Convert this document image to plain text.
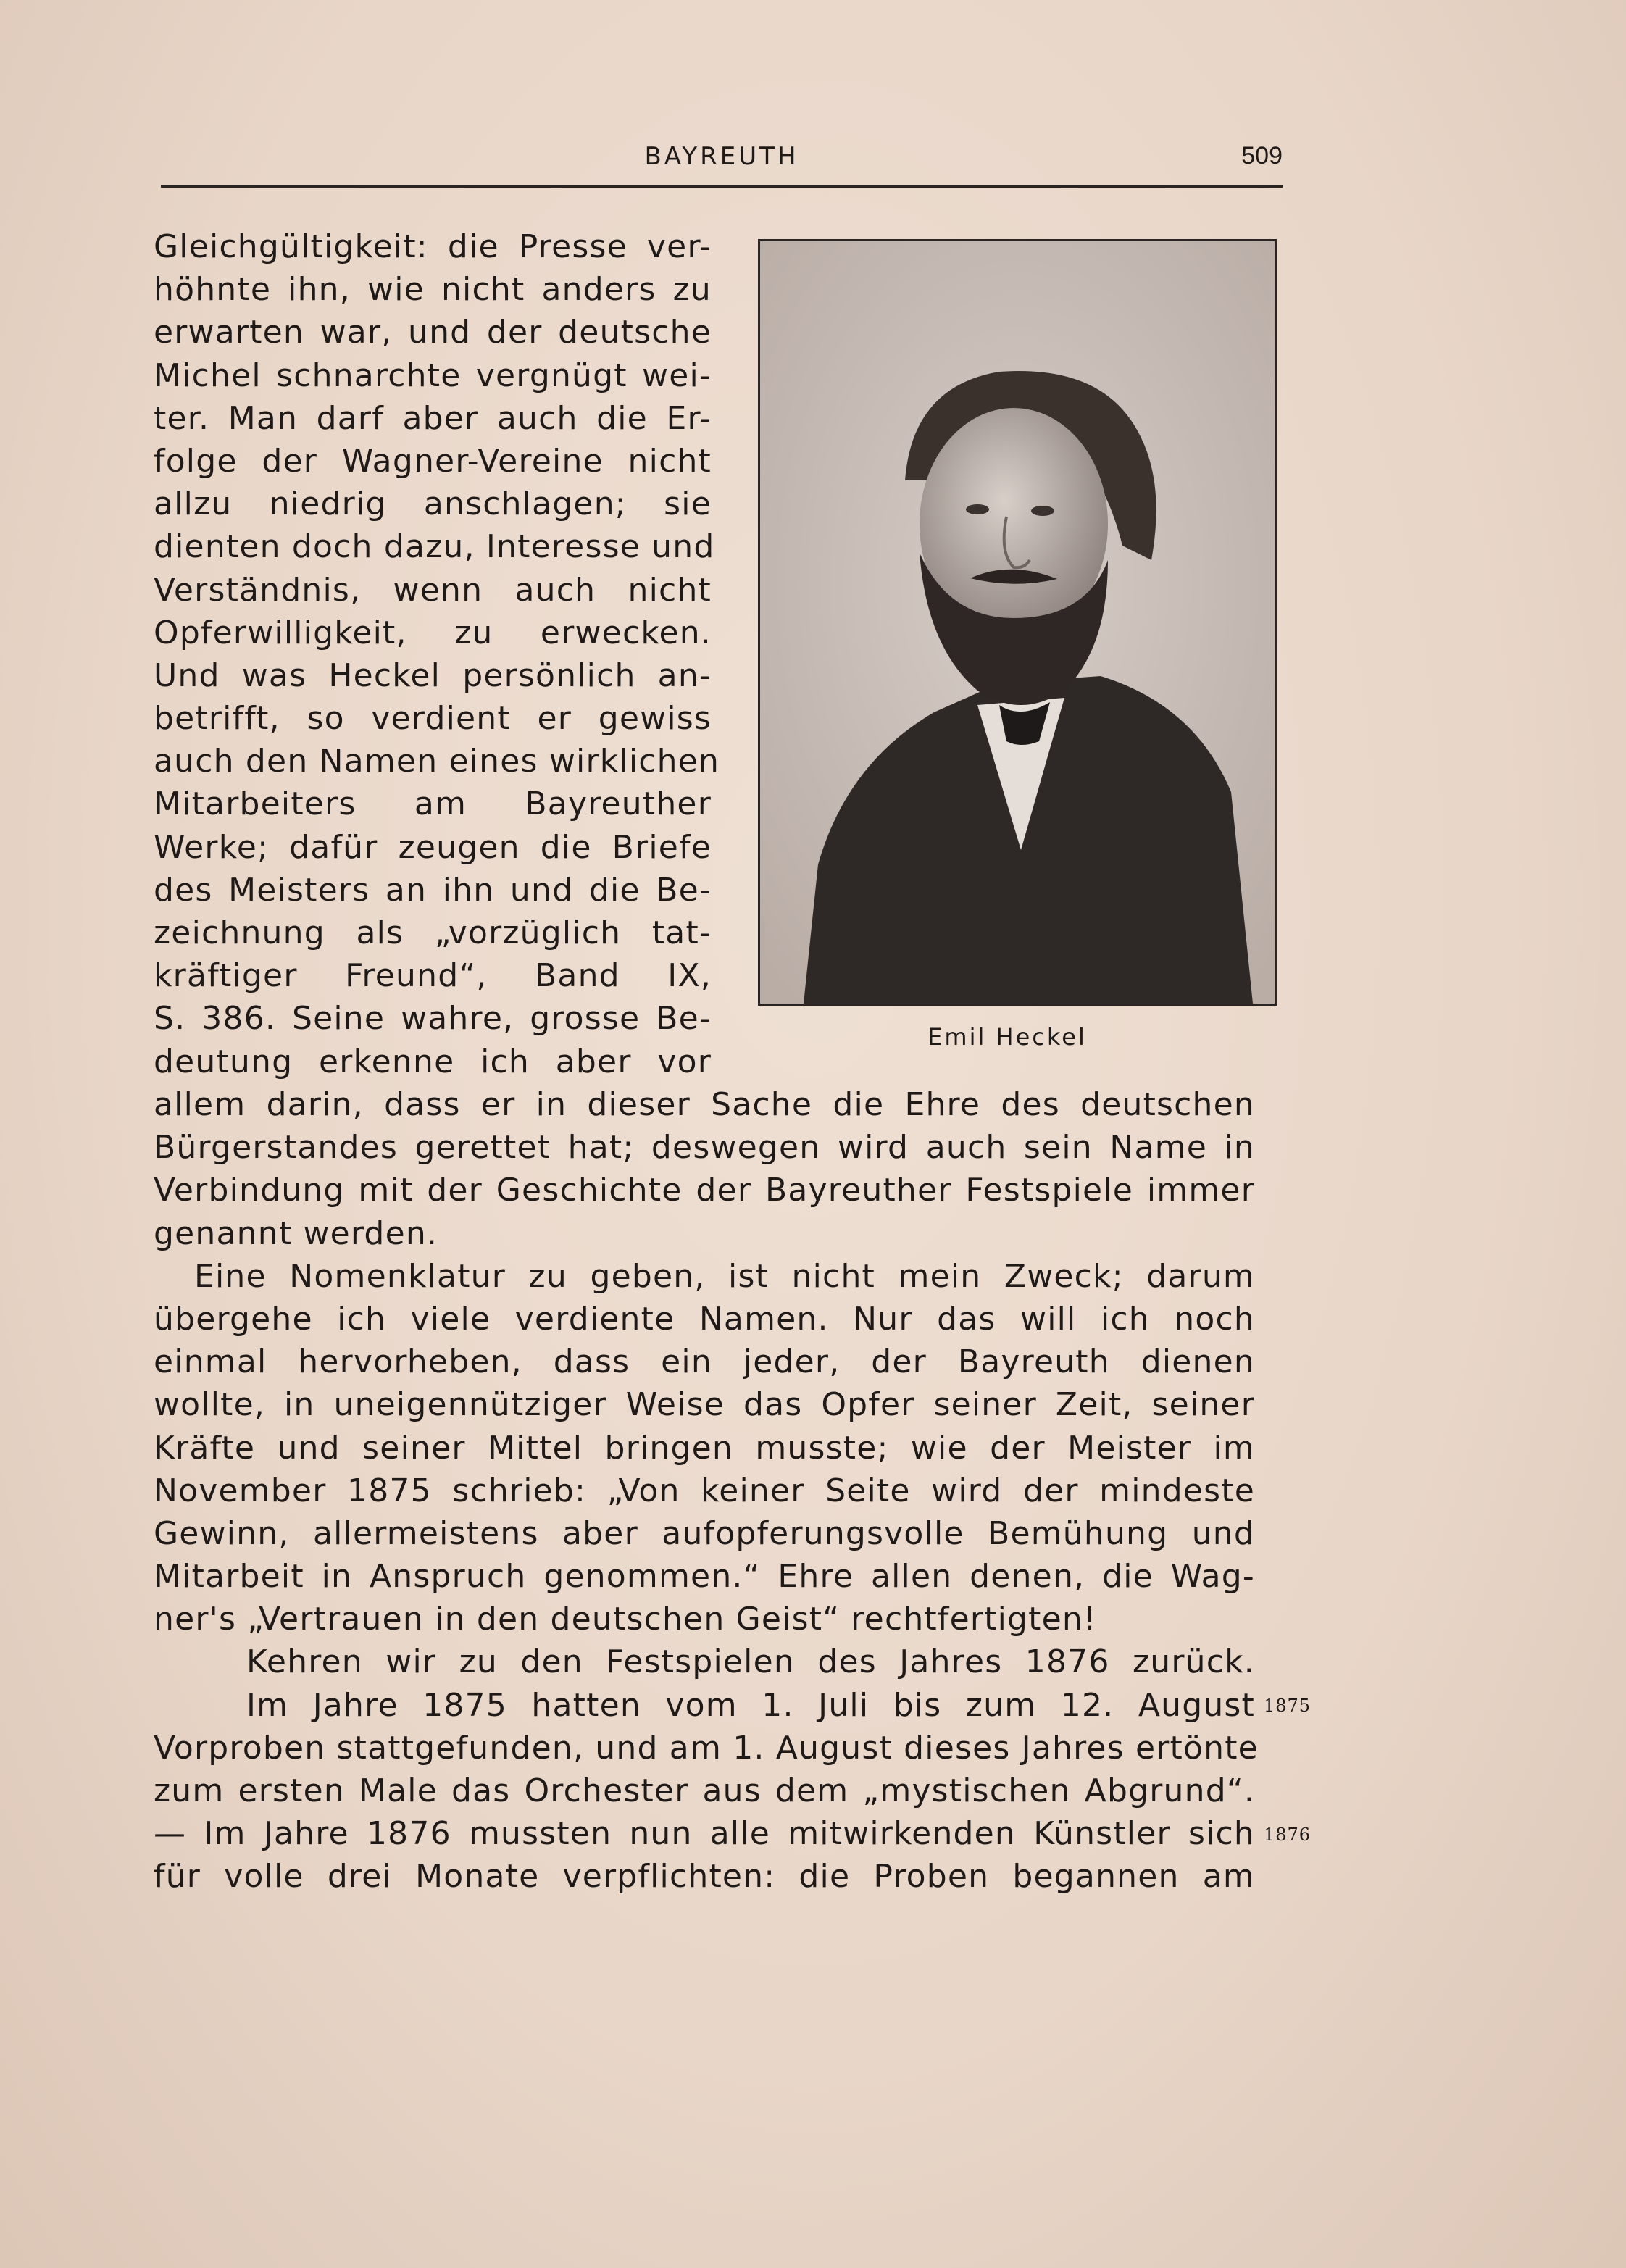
BAYREUTH	509
Emil Heckel
Gleichgültigkeit: die Presse ver-
höhnte ihn, wie nicht anders zu
erwarten war, und der deutsche
Michel schnarchte vergnügt wei-
ter. Man darf aber auch die Er-
folge der Wagner-Vereine nicht
allzu niedrig anschlagen; sie
dienten doch dazu, Interesse und
Verständnis, wenn auch nicht
Opferwilligkeit, zu erwecken.
Und was Heckel persönlich an-
betrifft, so verdient er gewiss
auch den Namen eines wirklichen
Mitarbeiters am Bayreuther
Werke; dafür zeugen die Briefe
des Meisters an ihn und die Be-
zeichnung als „vorzüglich tat-
kräftiger Freund“, Band IX,
S. 386. Seine wahre, grosse Be-
deutung erkenne ich aber vor
allem darin, dass er in dieser Sache die Ehre des deutschen
Bürgerstandes gerettet hat; deswegen wird auch sein Name in
Verbindung mit der Geschichte der Bayreuther Festspiele immer
genannt werden.
Eine Nomenklatur zu geben, ist nicht mein Zweck; darum
übergehe ich viele verdiente Namen. Nur das will ich noch
einmal hervorheben, dass ein jeder, der Bayreuth dienen
wollte, in uneigennütziger Weise das Opfer seiner Zeit, seiner
Kräfte und seiner Mittel bringen musste; wie der Meister im
November 1875 schrieb: „Von keiner Seite wird der mindeste
Gewinn, allermeistens aber aufopferungsvolle Bemühung und
Mitarbeit in Anspruch genommen.“ Ehre allen denen, die Wag-
ner's „Vertrauen in den deutschen Geist“ rechtfertigten!
Kehren wir zu den Festspielen des Jahres 1876 zurück.
Im Jahre 1875 hatten vom 1. Juli bis zum 12. August
Vorproben stattgefunden, und am 1. August dieses Jahres ertönte
zum ersten Male das Orchester aus dem „mystischen Abgrund“.
— Im Jahre 1876 mussten nun alle mitwirkenden Künstler sich
für volle drei Monate verpflichten: die Proben begannen am
1875
1876
